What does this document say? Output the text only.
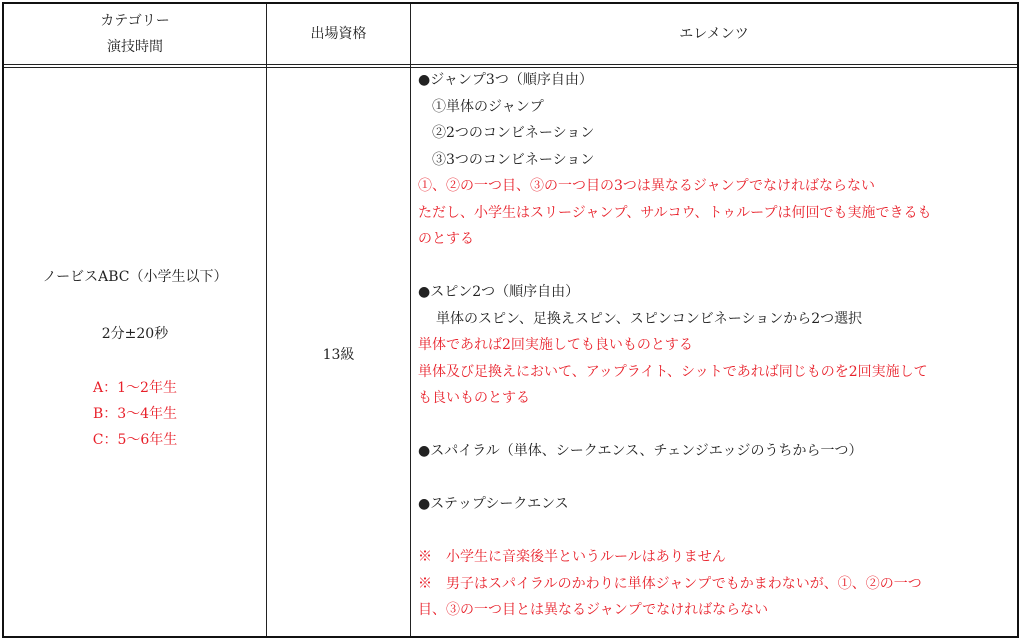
カテゴリー
演技時間
出場資格	エレメンツ
ノービスABC（小学生以下）
2分±20秒
A：1〜2年生
B：3〜4年生
C：5〜6年生
13級
●ジャンプ3つ（順序自由）
①単体のジャンプ
②2つのコンビネーション
③3つのコンビネーション
①、②の一つ目、③の一つ目の3つは異なるジャンプでなければならない
ただし、小学生はスリージャンプ、サルコウ、トゥループは何回でも実施できるも
のとする
●スピン2つ（順序自由）
単体のスピン、足換えスピン、スピンコンビネーションから2つ選択
単体であれば2回実施しても良いものとする
単体及び足換えにおいて、アップライト、シットであれば同じものを2回実施して
も良いものとする
●スパイラル（単体、シークエンス、チェンジエッジのうちから一つ）
●ステップシークエンス
※　小学生に音楽後半というルールはありません
※　男子はスパイラルのかわりに単体ジャンプでもかまわないが、①、②の一つ
目、③の一つ目とは異なるジャンプでなければならない
